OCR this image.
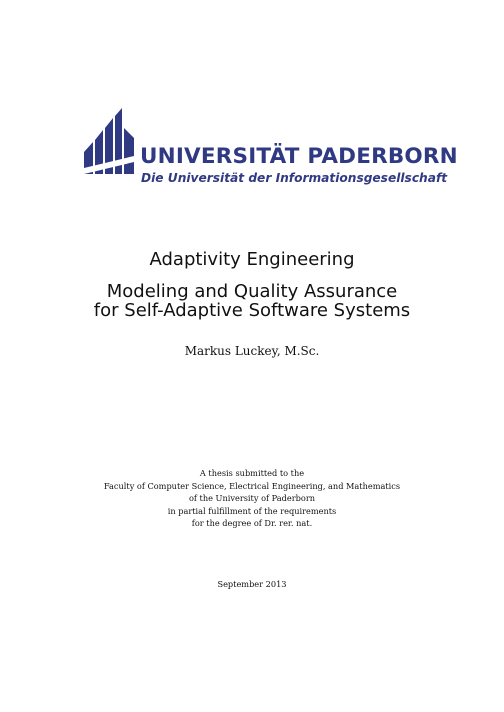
UNIVERSITÄT PADERBORN
Die Universität der Informationsgesellschaft
Adaptivity Engineering
Modeling and Quality Assurance
for Self-Adaptive Software Systems
Markus Luckey, M.Sc.
A thesis submitted to the
Faculty of Computer Science, Electrical Engineering, and Mathematics
of the University of Paderborn
in partial fulfillment of the requirements
for the degree of Dr. rer. nat.
September 2013
